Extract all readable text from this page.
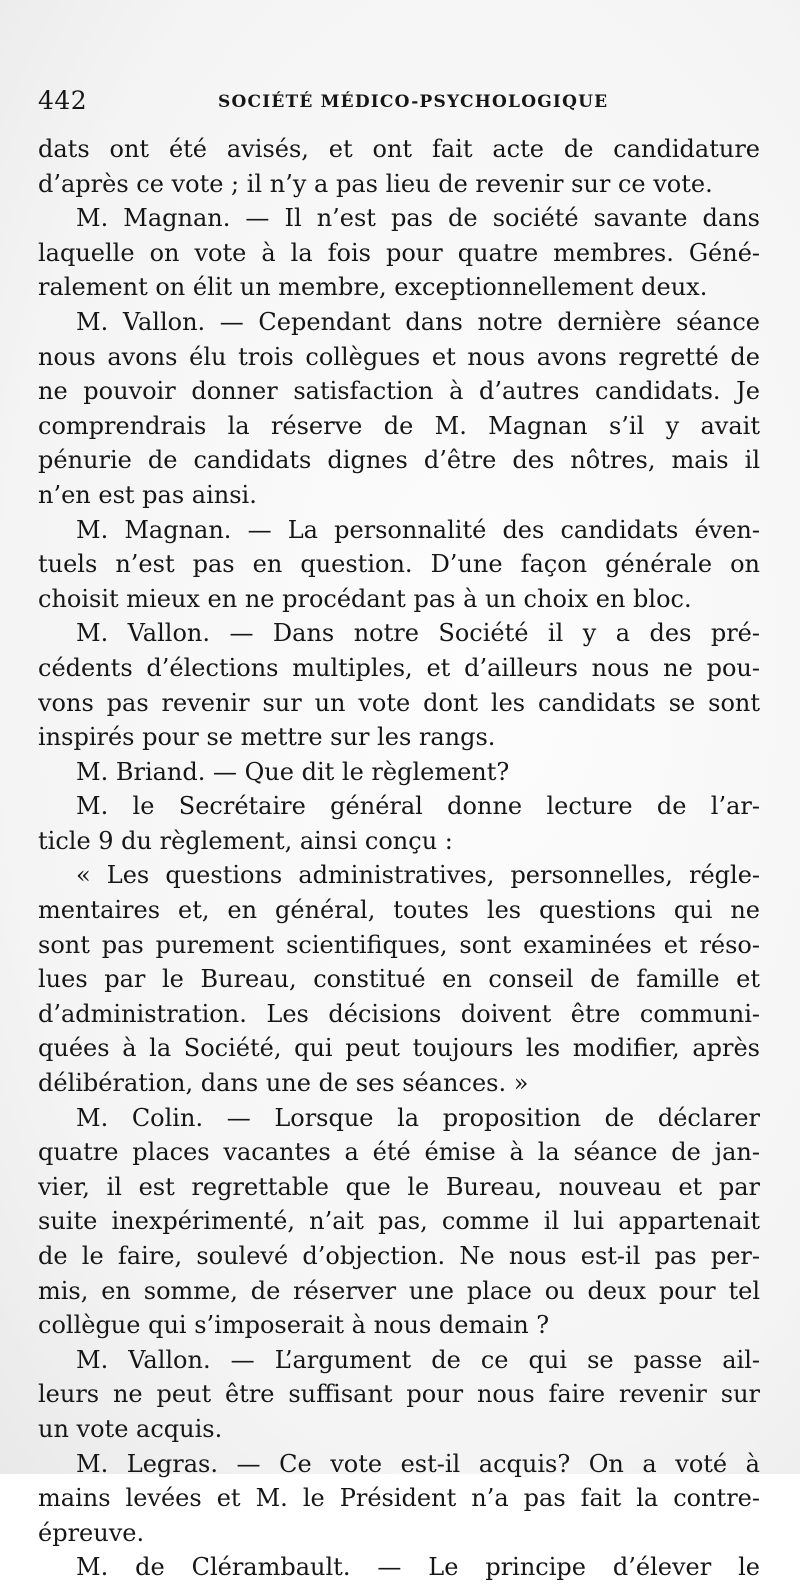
442	SOCIÉTÉ MÉDICO-PSYCHOLOGIQUE
dats ont été avisés, et ont fait acte de candidature
d’après ce vote ; il n’y a pas lieu de revenir sur ce vote.
M. Magnan. — Il n’est pas de société savante dans
laquelle on vote à la fois pour quatre membres. Géné-
ralement on élit un membre, exceptionnellement deux.
M. Vallon. — Cependant dans notre dernière séance
nous avons élu trois collègues et nous avons regretté de
ne pouvoir donner satisfaction à d’autres candidats. Je
comprendrais la réserve de M. Magnan s’il y avait
pénurie de candidats dignes d’être des nôtres, mais il
n’en est pas ainsi.
M. Magnan. — La personnalité des candidats éven-
tuels n’est pas en question. D’une façon générale on
choisit mieux en ne procédant pas à un choix en bloc.
M. Vallon. — Dans notre Société il y a des pré-
cédents d’élections multiples, et d’ailleurs nous ne pou-
vons pas revenir sur un vote dont les candidats se sont
inspirés pour se mettre sur les rangs.
M. Briand. — Que dit le règlement?
M. le Secrétaire général donne lecture de l’ar-
ticle 9 du règlement, ainsi conçu :
« Les questions administratives, personnelles, régle-
mentaires et, en général, toutes les questions qui ne
sont pas purement scientifiques, sont examinées et réso-
lues par le Bureau, constitué en conseil de famille et
d’administration. Les décisions doivent être communi-
quées à la Société, qui peut toujours les modifier, après
délibération, dans une de ses séances. »
M. Colin. — Lorsque la proposition de déclarer
quatre places vacantes a été émise à la séance de jan-
vier, il est regrettable que le Bureau, nouveau et par
suite inexpérimenté, n’ait pas, comme il lui appartenait
de le faire, soulevé d’objection. Ne nous est-il pas per-
mis, en somme, de réserver une place ou deux pour tel
collègue qui s’imposerait à nous demain ?
M. Vallon. — L’argument de ce qui se passe ail-
leurs ne peut être suffisant pour nous faire revenir sur
un vote acquis.
M. Legras. — Ce vote est-il acquis? On a voté à
mains levées et M. le Président n’a pas fait la contre-
épreuve.
M. de Clérambault. — Le principe d’élever le
